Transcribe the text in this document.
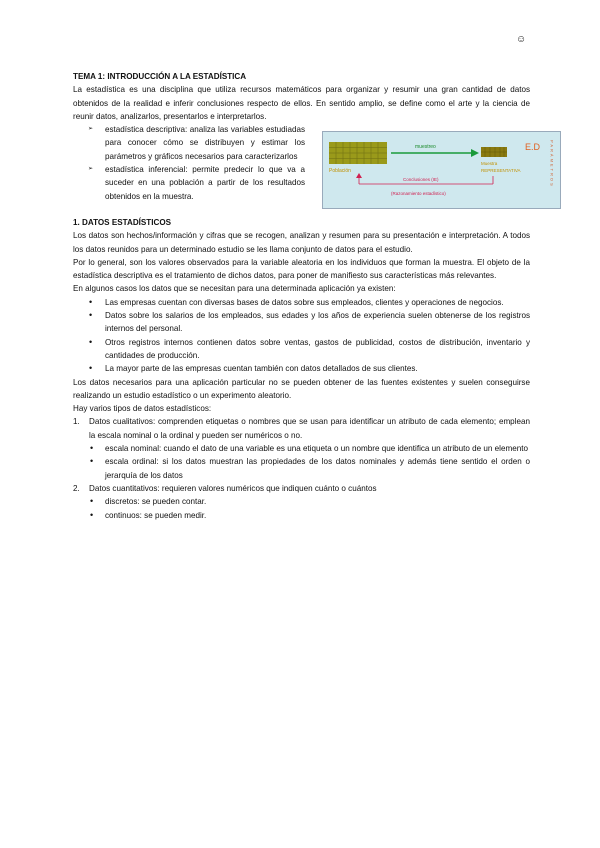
☺

TEMA 1: INTRODUCCIÓN A LA ESTADÍSTICA

La estadística es una disciplina que utiliza recursos matemáticos para organizar y resumir una gran cantidad de datos obtenidos de la realidad e inferir conclusiones respecto de ellos. En sentido amplio, se define como el arte y la ciencia de reunir datos, analizarlos, presentarlos e interpretarlos.

➢ estadística descriptiva: analiza las variables estudiadas para conocer cómo se distribuyen y estimar los parámetros y gráficos necesarios para caracterizarlos
➢ estadística inferencial: permite predecir lo que va a suceder en una población a partir de los resultados obtenidos en la muestra.
Población
muestreo
Muestra
REPRESENTATIVA
E.D PARÁMETROS
Conclusiones (IE)
(Razonamiento estadístico)

1. DATOS ESTADÍSTICOS

Los datos son hechos/información y cifras que se recogen, analizan y resumen para su presentación e interpretación. A todos los datos reunidos para un determinado estudio se les llama conjunto de datos para el estudio.

Por lo general, son los valores observados para la variable aleatoria en los individuos que forman la muestra. El objeto de la estadística descriptiva es el tratamiento de dichos datos, para poner de manifiesto sus características más relevantes.

En algunos casos los datos que se necesitan para una determinada aplicación ya existen:

• Las empresas cuentan con diversas bases de datos sobre sus empleados, clientes y operaciones de negocios.
• Datos sobre los salarios de los empleados, sus edades y los años de experiencia suelen obtenerse de los registros internos del personal.
• Otros registros internos contienen datos sobre ventas, gastos de publicidad, costos de distribución, inventario y cantidades de producción.
• La mayor parte de las empresas cuentan también con datos detallados de sus clientes.

Los datos necesarios para una aplicación particular no se pueden obtener de las fuentes existentes y suelen conseguirse realizando un estudio estadístico o un experimento aleatorio.

Hay varios tipos de datos estadísticos:

1. Datos cualitativos: comprenden etiquetas o nombres que se usan para identificar un atributo de cada elemento; emplean la escala nominal o la ordinal y pueden ser numéricos o no.
• escala nominal: cuando el dato de una variable es una etiqueta o un nombre que identifica un atributo de un elemento
• escala ordinal: si los datos muestran las propiedades de los datos nominales y además tiene sentido el orden o jerarquía de los datos
2. Datos cuantitativos: requieren valores numéricos que indiquen cuánto o cuántos
• discretos: se pueden contar.
• continuos: se pueden medir.
